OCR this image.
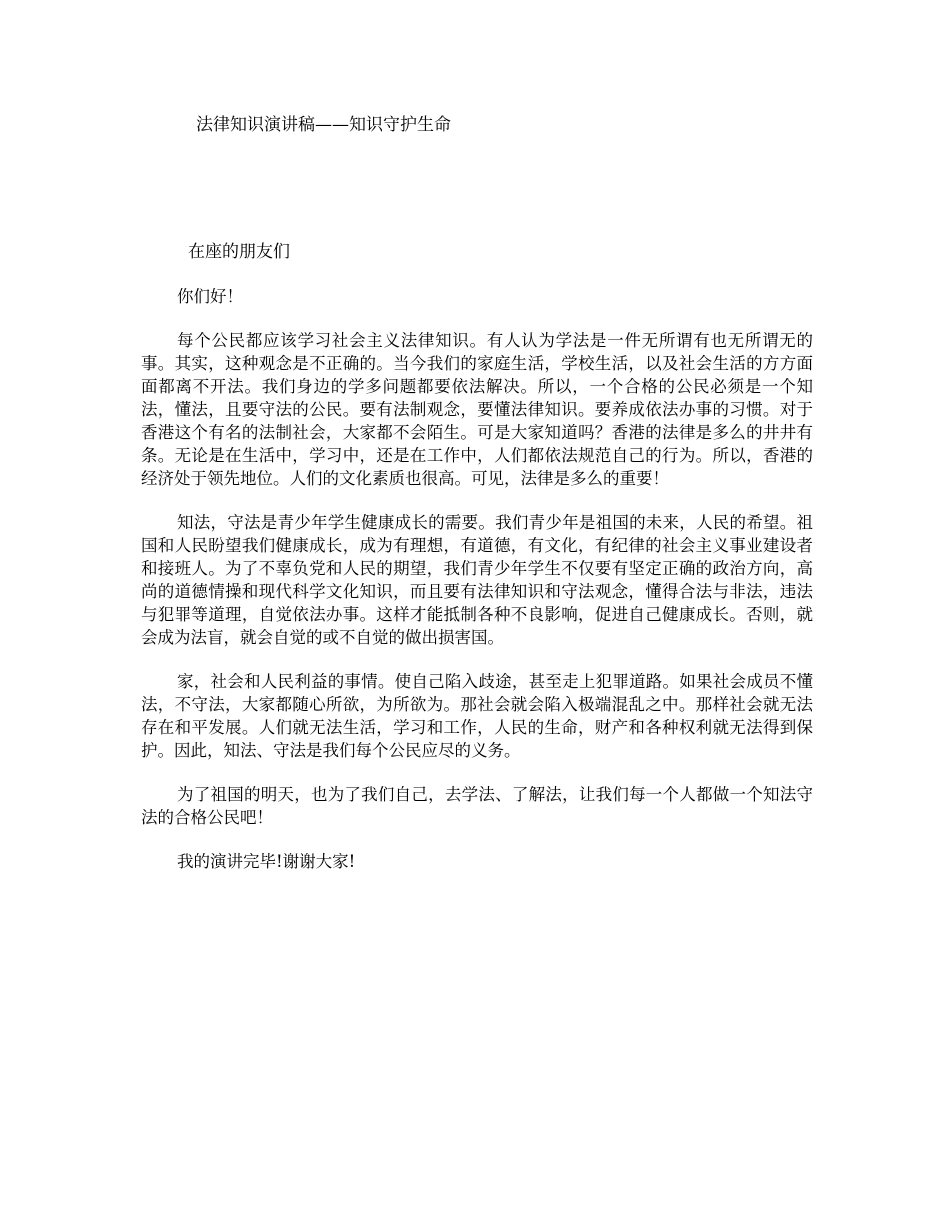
法律知识演讲稿——知识守护生命
在座的朋友们

你们好！

每个公民都应该学习社会主义法律知识。有人认为学法是一件无所谓有也无所谓无的事。其实，这种观念是不正确的。当今我们的家庭生活，学校生活，以及社会生活的方方面面都离不开法。我们身边的学多问题都要依法解决。所以，一个合格的公民必须是一个知法，懂法，且要守法的公民。要有法制观念，要懂法律知识。要养成依法办事的习惯。对于香港这个有名的法制社会，大家都不会陌生。可是大家知道吗？香港的法律是多么的井井有条。无论是在生活中，学习中，还是在工作中，人们都依法规范自己的行为。所以，香港的经济处于领先地位。人们的文化素质也很高。可见，法律是多么的重要！

知法，守法是青少年学生健康成长的需要。我们青少年是祖国的未来，人民的希望。祖国和人民盼望我们健康成长，成为有理想，有道德，有文化，有纪律的社会主义事业建设者和接班人。为了不辜负党和人民的期望，我们青少年学生不仅要有坚定正确的政治方向，高尚的道德情操和现代科学文化知识，而且要有法律知识和守法观念，懂得合法与非法，违法与犯罪等道理，自觉依法办事。这样才能抵制各种不良影响，促进自己健康成长。否则，就会成为法盲，就会自觉的或不自觉的做出损害国。

家，社会和人民利益的事情。使自己陷入歧途，甚至走上犯罪道路。如果社会成员不懂法，不守法，大家都随心所欲，为所欲为。那社会就会陷入极端混乱之中。那样社会就无法存在和平发展。人们就无法生活，学习和工作，人民的生命，财产和各种权利就无法得到保护。因此，知法、守法是我们每个公民应尽的义务。

为了祖国的明天，也为了我们自己，去学法、了解法，让我们每一个人都做一个知法守法的合格公民吧！

我的演讲完毕!谢谢大家!
